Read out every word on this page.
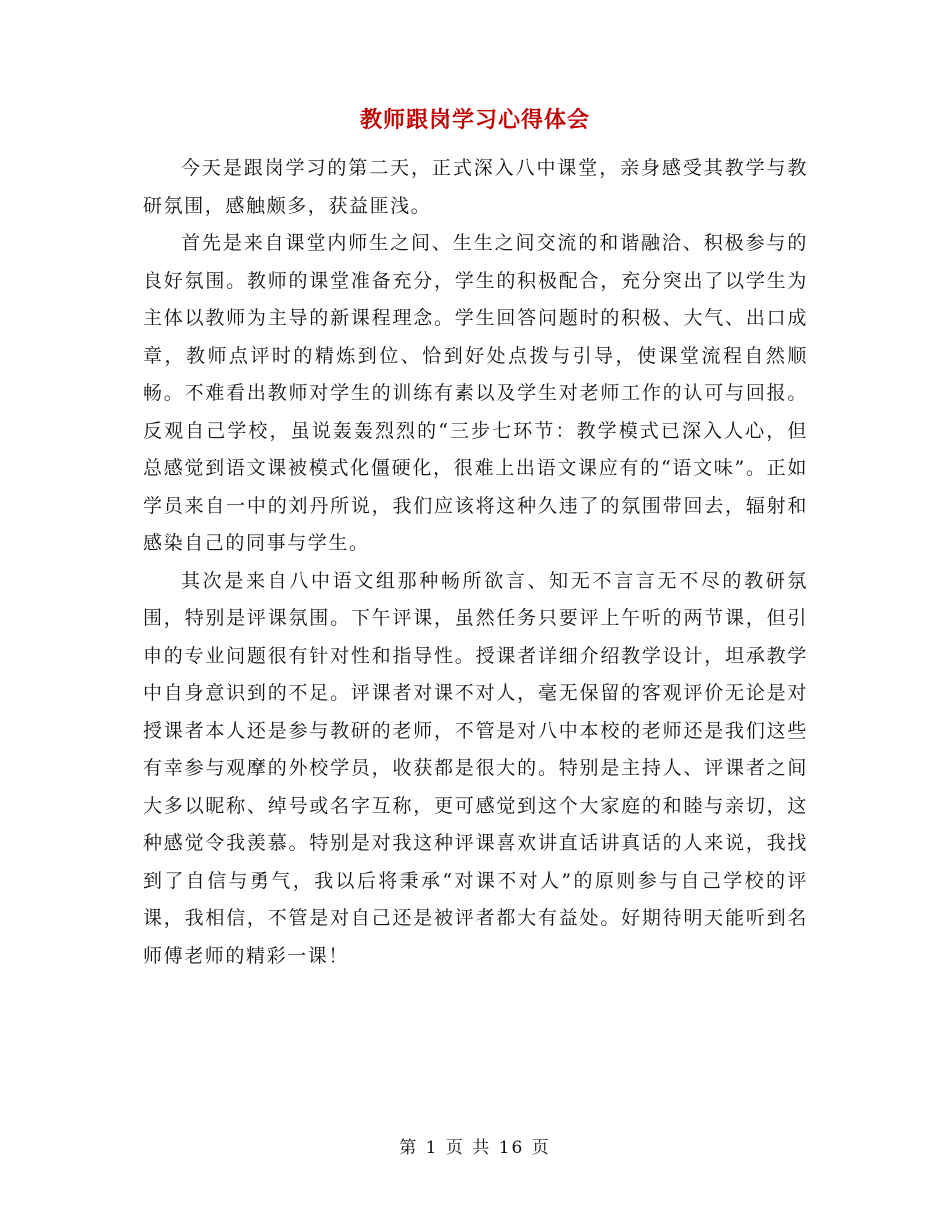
教师跟岗学习心得体会

今天是跟岗学习的第二天，正式深入八中课堂，亲身感受其教学与教研氛围，感触颇多，获益匪浅。

首先是来自课堂内师生之间、生生之间交流的和谐融洽、积极参与的良好氛围。教师的课堂准备充分，学生的积极配合，充分突出了以学生为主体以教师为主导的新课程理念。学生回答问题时的积极、大气、出口成章，教师点评时的精炼到位、恰到好处点拨与引导，使课堂流程自然顺畅。不难看出教师对学生的训练有素以及学生对老师工作的认可与回报。反观自己学校，虽说轰轰烈烈的“三步七环节：教学模式已深入人心，但总感觉到语文课被模式化僵硬化，很难上出语文课应有的“语文味”。正如学员来自一中的刘丹所说，我们应该将这种久违了的氛围带回去，辐射和感染自己的同事与学生。

其次是来自八中语文组那种畅所欲言、知无不言言无不尽的教研氛围，特别是评课氛围。下午评课，虽然任务只要评上午听的两节课，但引申的专业问题很有针对性和指导性。授课者详细介绍教学设计，坦承教学中自身意识到的不足。评课者对课不对人，毫无保留的客观评价无论是对授课者本人还是参与教研的老师，不管是对八中本校的老师还是我们这些有幸参与观摩的外校学员，收获都是很大的。特别是主持人、评课者之间大多以昵称、绰号或名字互称，更可感觉到这个大家庭的和睦与亲切，这种感觉令我羡慕。特别是对我这种评课喜欢讲直话讲真话的人来说，我找到了自信与勇气，我以后将秉承“对课不对人”的原则参与自己学校的评课，我相信，不管是对自己还是被评者都大有益处。好期待明天能听到名师傅老师的精彩一课！

第 1 页 共 16 页
